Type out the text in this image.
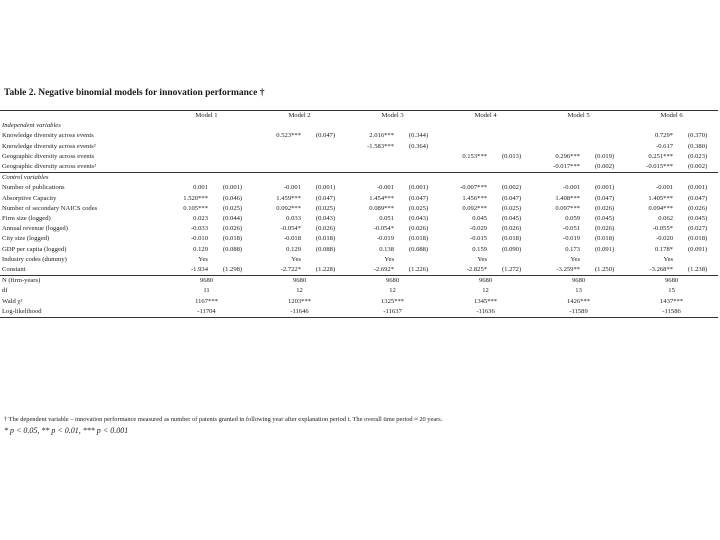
Table 2. Negative binomial models for innovation performance †
	Model 1		Model 2		Model 3		Model 4		Model 5		Model 6	
Independent variables												
Knowledge diversity across events			0.523***	(0.047)	2.016***	(0.344)					0.729*	(0.370)
Knowledge diversity across events²					-1.583***	(0.364)					-0.617	(0.380)
Geographic diversity across events							0.153***	(0.013)	0.296***	(0.019)	0.251***	(0.023)
Geographic diversity across events²									-0.017***	(0.002)	-0.015***	(0.002)
Control variables												
Number of publications	0.001	(0.001)	-0.001	(0.001)	-0.001	(0.001)	-0.007***	(0.002)	-0.001	(0.001)	-0.001	(0.001)
Absorptive Capacity	1.520***	(0.046)	1.459***	(0.047)	1.454***	(0.047)	1.456***	(0.047)	1.408***	(0.047)	1.405***	(0.047)
Number of secondary NAICS codes	0.105***	(0.025)	0.092***	(0.025)	0.089***	(0.025)	0.092***	(0.025)	0.097***	(0.026)	0.094***	(0.026)
Firm size (logged)	0.023	(0.044)	0.033	(0.043)	0.051	(0.043)	0.045	(0.045)	0.059	(0.045)	0.062	(0.045)
Annual revenue (logged)	-0.033	(0.026)	-0.054*	(0.026)	-0.054*	(0.026)	-0.029	(0.026)	-0.051	(0.026)	-0.055*	(0.027)
City size (logged)	-0.010	(0.018)	-0.018	(0.018)	-0.019	(0.018)	-0.015	(0.018)	-0.019	(0.018)	-0.020	(0.018)
GDP per capita (logged)	0.129	(0.088)	0.129	(0.088)	0.138	(0.088)	0.159	(0.090)	0.173	(0.091)	0.178*	(0.091)
Industry codes (dummy)	Yes		Yes		Yes		Yes		Yes		Yes	
Constant	-1.934	(1.298)	-2.722*	(1.228)	-2.692*	(1.226)	-2.825*	(1.272)	-3.259**	(1.250)	-3.268**	(1.238)
N (firm-years)	9680		9680		9680		9680		9680		9680	
df	11		12		12		12		13		15	
Wald χ²	1167***		1203***		1325***		1345***		1426***		1437***	
Log-likelihood	-11704		-11646		-11637		-11636		-11589		-11586	
† The dependent variable – innovation performance measured as number of patents granted in following year after explanation period t. The overall time period ≈ 20 years.
* p < 0.05, ** p < 0.01, *** p < 0.001
